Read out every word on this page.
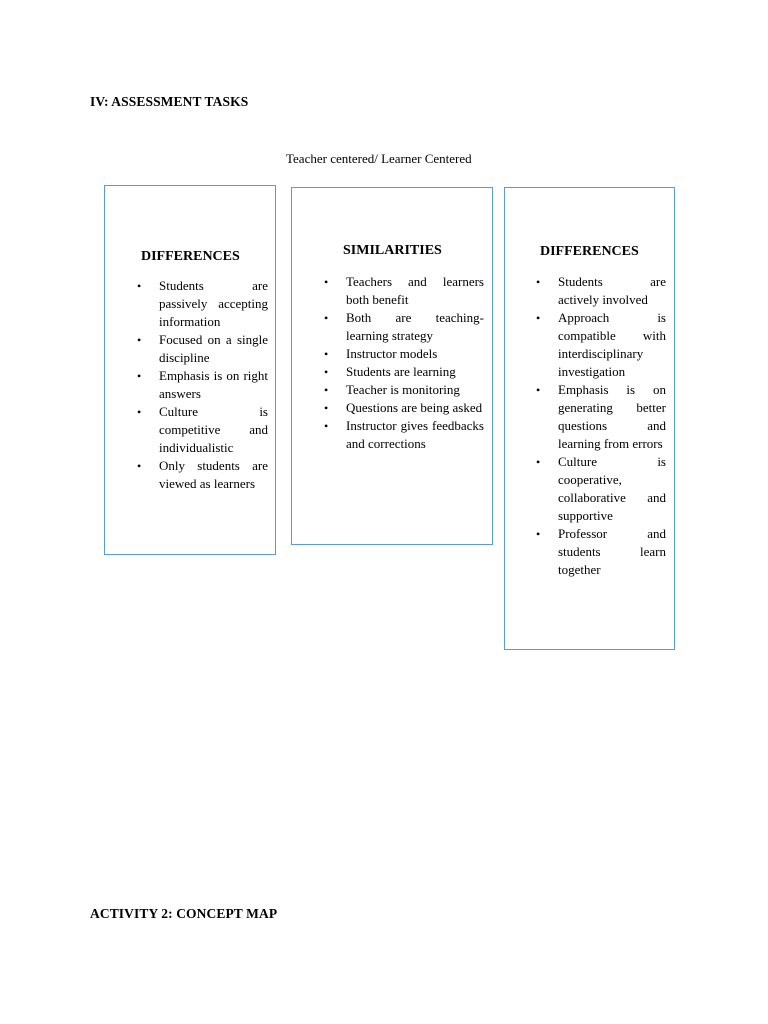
IV: ASSESSMENT TASKS
Teacher centered/ Learner Centered
DIFFERENCES
• Students are passively accepting information
• Focused on a single discipline
• Emphasis is on right answers
• Culture is competitive and individualistic
• Only students are viewed as learners
SIMILARITIES
• Teachers and learners both benefit
• Both are teaching-learning strategy
• Instructor models
• Students are learning
• Teacher is monitoring
• Questions are being asked
• Instructor gives feedbacks and corrections
DIFFERENCES
• Students are actively involved
• Approach is compatible with interdisciplinary investigation
• Emphasis is on generating better questions and learning from errors
• Culture is cooperative, collaborative and supportive
• Professor and students learn together
ACTIVITY 2: CONCEPT MAP
